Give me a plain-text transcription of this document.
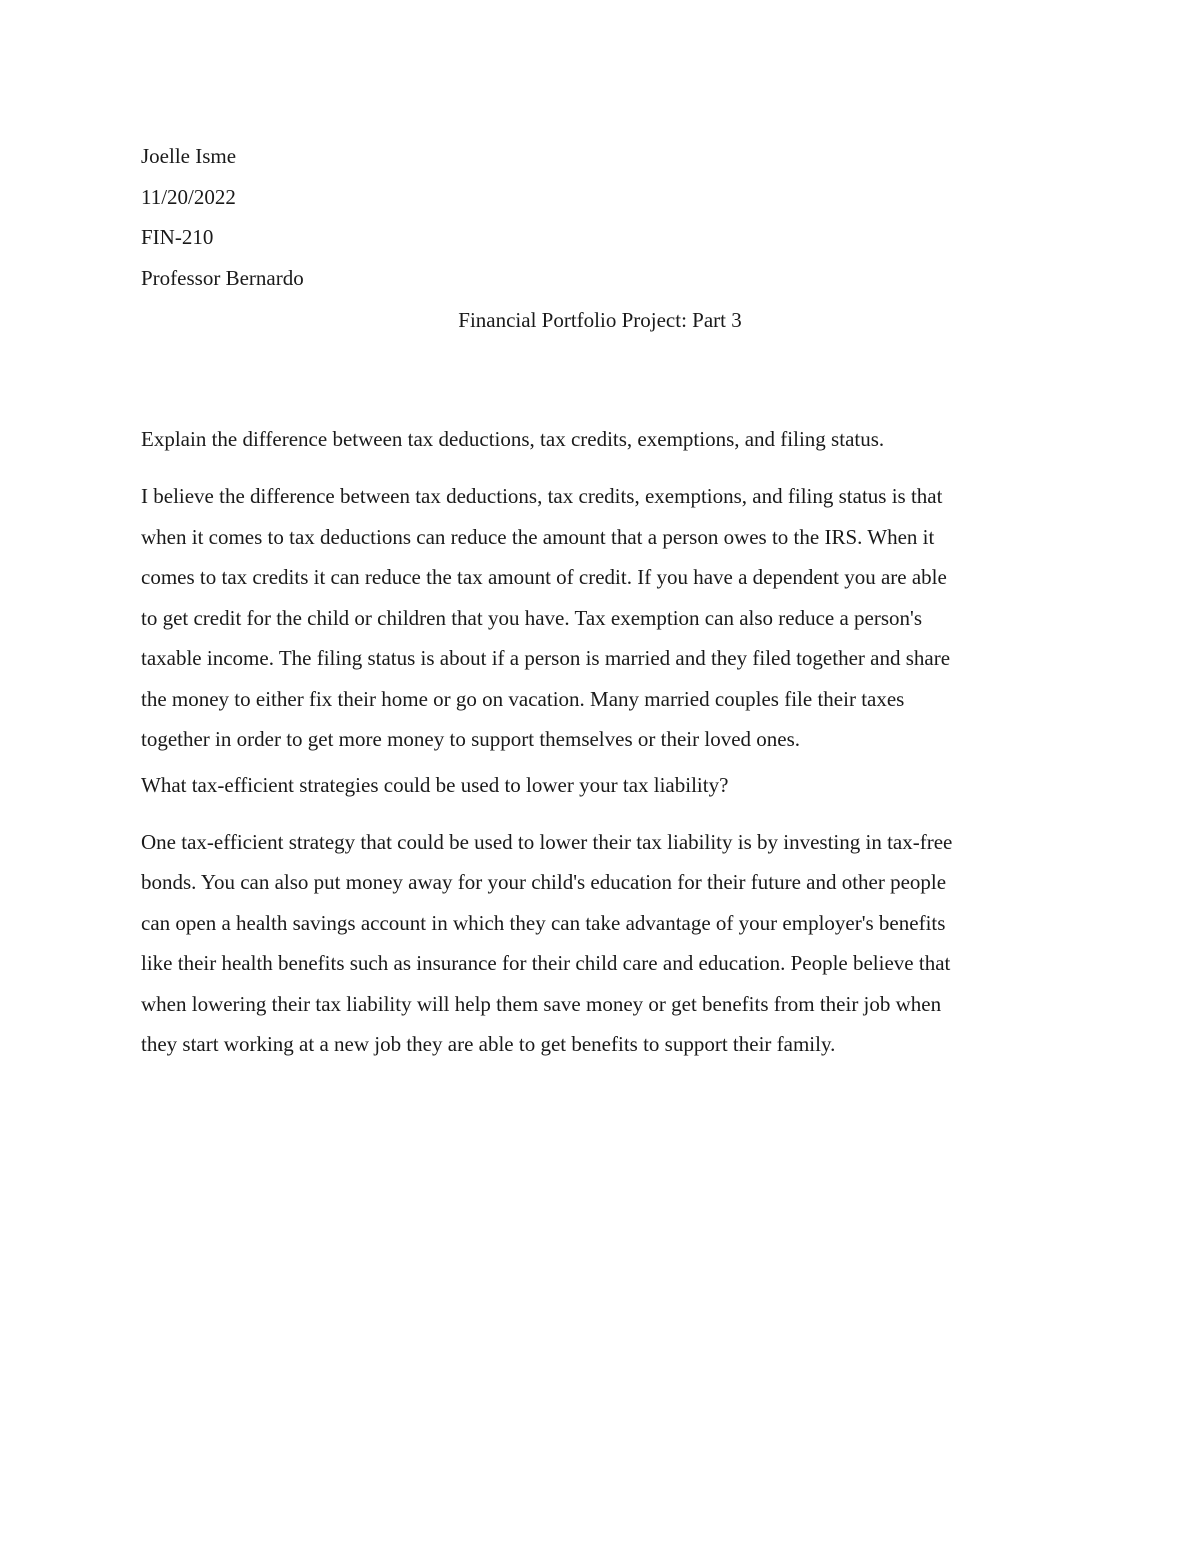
Joelle Isme
11/20/2022
FIN-210
Professor Bernardo
Financial Portfolio Project: Part 3

Explain the difference between tax deductions, tax credits, exemptions, and filing status.

I believe the difference between tax deductions, tax credits, exemptions, and filing status is that
when it comes to tax deductions can reduce the amount that a person owes to the IRS. When it
comes to tax credits it can reduce the tax amount of credit. If you have a dependent you are able
to get credit for the child or children that you have. Tax exemption can also reduce a person's
taxable income. The filing status is about if a person is married and they filed together and share
the money to either fix their home or go on vacation. Many married couples file their taxes
together in order to get more money to support themselves or their loved ones.

What tax-efficient strategies could be used to lower your tax liability?

One tax-efficient strategy that could be used to lower their tax liability is by investing in tax-free
bonds. You can also put money away for your child's education for their future and other people
can open a health savings account in which they can take advantage of your employer's benefits
like their health benefits such as insurance for their child care and education. People believe that
when lowering their tax liability will help them save money or get benefits from their job when
they start working at a new job they are able to get benefits to support their family.
